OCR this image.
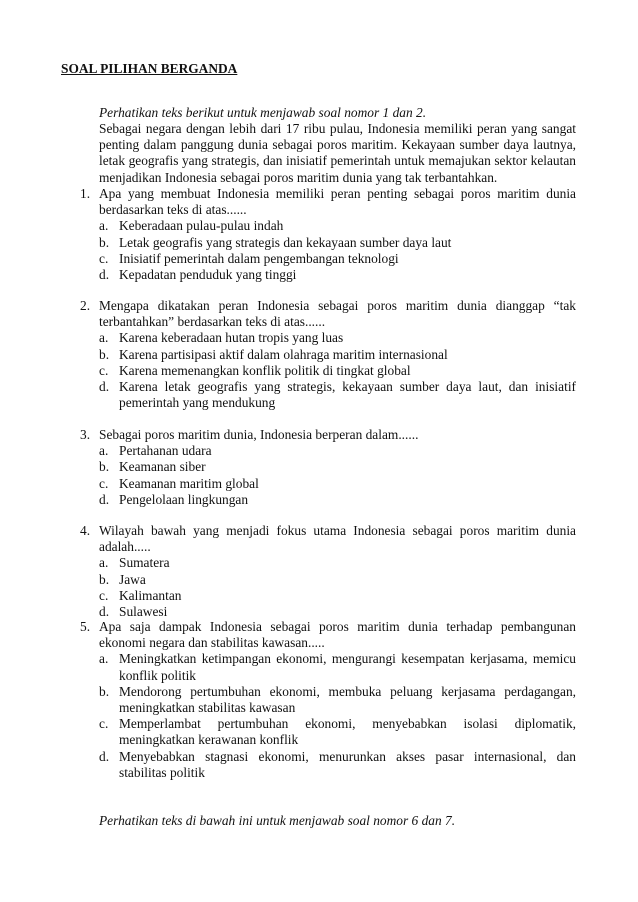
SOAL PILIHAN BERGANDA
Perhatikan teks berikut untuk menjawab soal nomor 1 dan 2.
Sebagai negara dengan lebih dari 17 ribu pulau, Indonesia memiliki peran yang sangat penting dalam panggung dunia sebagai poros maritim. Kekayaan sumber daya lautnya, letak geografis yang strategis, dan inisiatif pemerintah untuk memajukan sektor kelautan menjadikan Indonesia sebagai poros maritim dunia yang tak terbantahkan.
1. Apa yang membuat Indonesia memiliki peran penting sebagai poros maritim dunia berdasarkan teks di atas......
a. Keberadaan pulau-pulau indah
b. Letak geografis yang strategis dan kekayaan sumber daya laut
c. Inisiatif pemerintah dalam pengembangan teknologi
d. Kepadatan penduduk yang tinggi
2. Mengapa dikatakan peran Indonesia sebagai poros maritim dunia dianggap “tak terbantahkan” berdasarkan teks di atas......
a. Karena keberadaan hutan tropis yang luas
b. Karena partisipasi aktif dalam olahraga maritim internasional
c. Karena memenangkan konflik politik di tingkat global
d. Karena letak geografis yang strategis, kekayaan sumber daya laut, dan inisiatif pemerintah yang mendukung
3. Sebagai poros maritim dunia, Indonesia berperan dalam......
a. Pertahanan udara
b. Keamanan siber
c. Keamanan maritim global
d. Pengelolaan lingkungan
4. Wilayah bawah yang menjadi fokus utama Indonesia sebagai poros maritim dunia adalah.....
a. Sumatera
b. Jawa
c. Kalimantan
d. Sulawesi
5. Apa saja dampak Indonesia sebagai poros maritim dunia terhadap pembangunan ekonomi negara dan stabilitas kawasan.....
a. Meningkatkan ketimpangan ekonomi, mengurangi kesempatan kerjasama, memicu konflik politik
b. Mendorong pertumbuhan ekonomi, membuka peluang kerjasama perdagangan, meningkatkan stabilitas kawasan
c. Memperlambat pertumbuhan ekonomi, menyebabkan isolasi diplomatik, meningkatkan kerawanan konflik
d. Menyebabkan stagnasi ekonomi, menurunkan akses pasar internasional, dan stabilitas politik
Perhatikan teks di bawah ini untuk menjawab soal nomor 6 dan 7.
